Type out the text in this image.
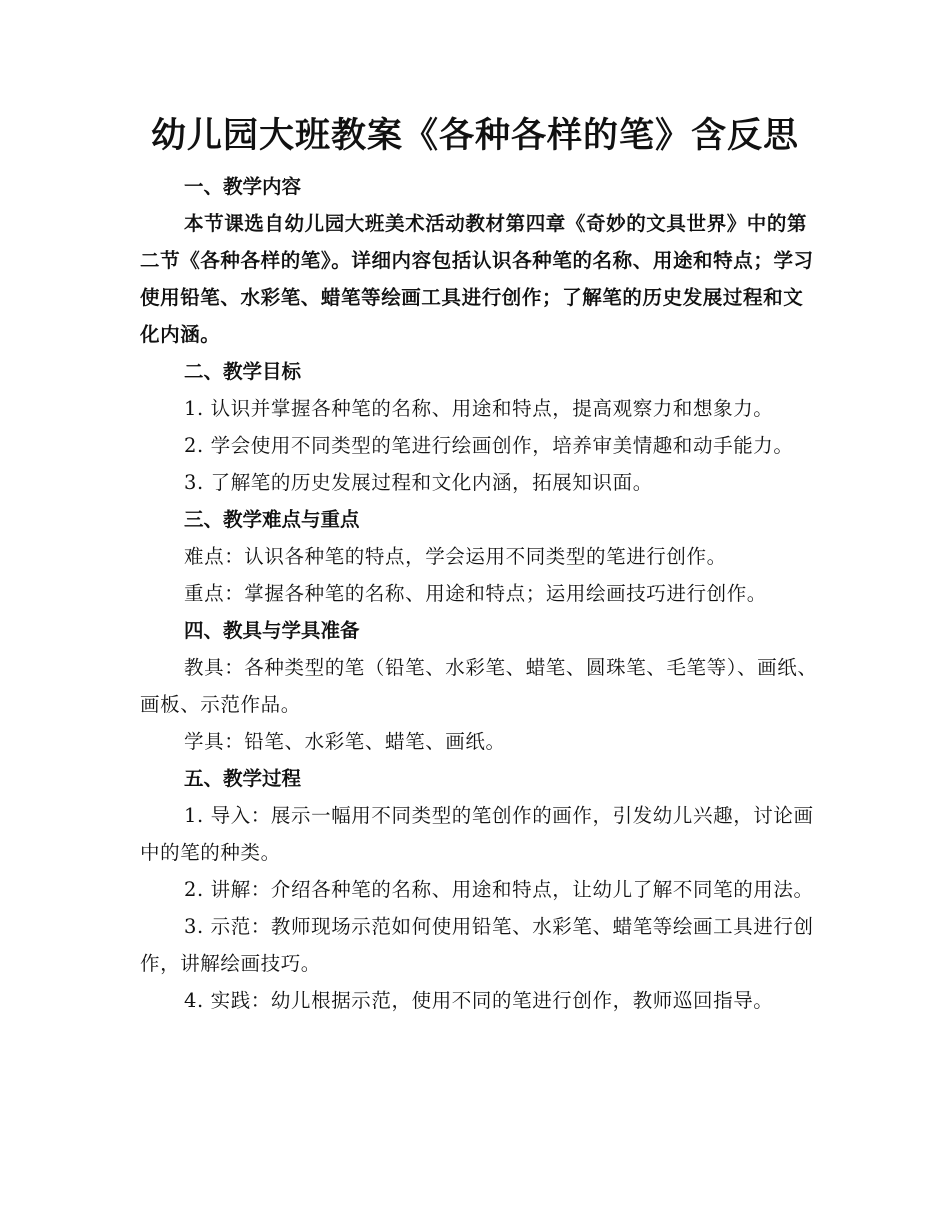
幼儿园大班教案《各种各样的笔》含反思

一、教学内容

本节课选自幼儿园大班美术活动教材第四章《奇妙的文具世界》中的第二节《各种各样的笔》。详细内容包括认识各种笔的名称、用途和特点；学习使用铅笔、水彩笔、蜡笔等绘画工具进行创作；了解笔的历史发展过程和文化内涵。

二、教学目标

1. 认识并掌握各种笔的名称、用途和特点，提高观察力和想象力。

2. 学会使用不同类型的笔进行绘画创作，培养审美情趣和动手能力。

3. 了解笔的历史发展过程和文化内涵，拓展知识面。

三、教学难点与重点

难点：认识各种笔的特点，学会运用不同类型的笔进行创作。

重点：掌握各种笔的名称、用途和特点；运用绘画技巧进行创作。

四、教具与学具准备

教具：各种类型的笔（铅笔、水彩笔、蜡笔、圆珠笔、毛笔等）、画纸、画板、示范作品。

学具：铅笔、水彩笔、蜡笔、画纸。

五、教学过程

1. 导入：展示一幅用不同类型的笔创作的画作，引发幼儿兴趣，讨论画中的笔的种类。

2. 讲解：介绍各种笔的名称、用途和特点，让幼儿了解不同笔的用法。

3. 示范：教师现场示范如何使用铅笔、水彩笔、蜡笔等绘画工具进行创作，讲解绘画技巧。

4. 实践：幼儿根据示范，使用不同的笔进行创作，教师巡回指导。
